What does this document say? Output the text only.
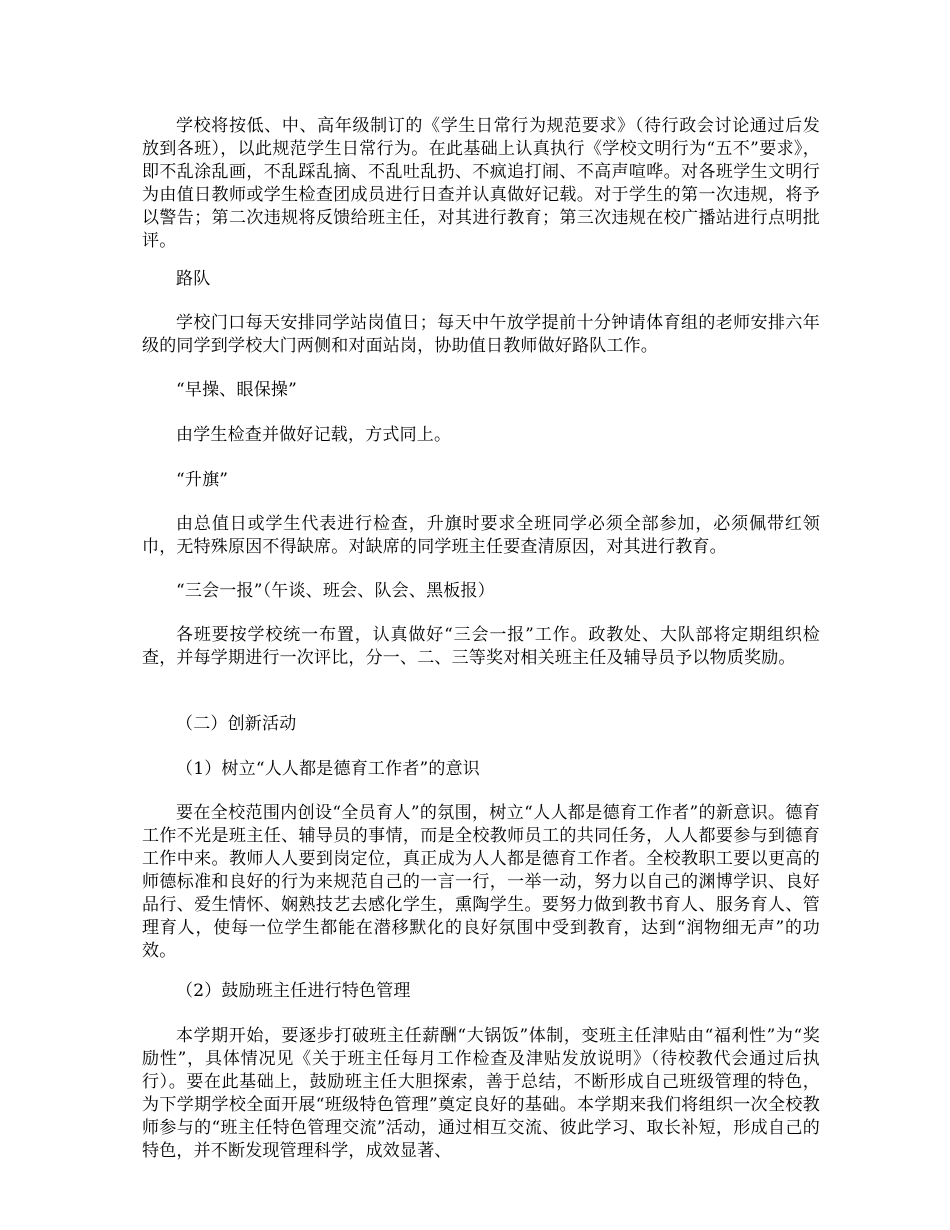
学校将按低、中、高年级制订的《学生日常行为规范要求》（待行政会讨论通过后发放到各班），以此规范学生日常行为。在此基础上认真执行《学校文明行为“五不”要求》，即不乱涂乱画，不乱踩乱摘、不乱吐乱扔、不疯追打闹、不高声喧哗。对各班学生文明行为由值日教师或学生检查团成员进行日查并认真做好记载。对于学生的第一次违规，将予以警告；第二次违规将反馈给班主任，对其进行教育；第三次违规在校广播站进行点明批评。

路队

学校门口每天安排同学站岗值日；每天中午放学提前十分钟请体育组的老师安排六年级的同学到学校大门两侧和对面站岗，协助值日教师做好路队工作。

“早操、眼保操”

由学生检查并做好记载，方式同上。

“升旗”

由总值日或学生代表进行检查，升旗时要求全班同学必须全部参加，必须佩带红领巾，无特殊原因不得缺席。对缺席的同学班主任要查清原因，对其进行教育。

“三会一报”（午谈、班会、队会、黑板报）

各班要按学校统一布置，认真做好“三会一报”工作。政教处、大队部将定期组织检查，并每学期进行一次评比，分一、二、三等奖对相关班主任及辅导员予以物质奖励。

（二）创新活动

（1）树立“人人都是德育工作者”的意识

要在全校范围内创设“全员育人”的氛围，树立“人人都是德育工作者”的新意识。德育工作不光是班主任、辅导员的事情，而是全校教师员工的共同任务，人人都要参与到德育工作中来。教师人人要到岗定位，真正成为人人都是德育工作者。全校教职工要以更高的师德标准和良好的行为来规范自己的一言一行，一举一动，努力以自己的渊博学识、良好品行、爱生情怀、娴熟技艺去感化学生，熏陶学生。要努力做到教书育人、服务育人、管理育人，使每一位学生都能在潜移默化的良好氛围中受到教育，达到“润物细无声”的功效。

（2）鼓励班主任进行特色管理

本学期开始，要逐步打破班主任薪酬“大锅饭”体制，变班主任津贴由“福利性”为“奖励性”，具体情况见《关于班主任每月工作检查及津贴发放说明》（待校教代会通过后执行）。要在此基础上，鼓励班主任大胆探索，善于总结，不断形成自己班级管理的特色，为下学期学校全面开展“班级特色管理”奠定良好的基础。本学期来我们将组织一次全校教师参与的“班主任特色管理交流”活动，通过相互交流、彼此学习、取长补短，形成自己的特色，并不断发现管理科学，成效显著、
